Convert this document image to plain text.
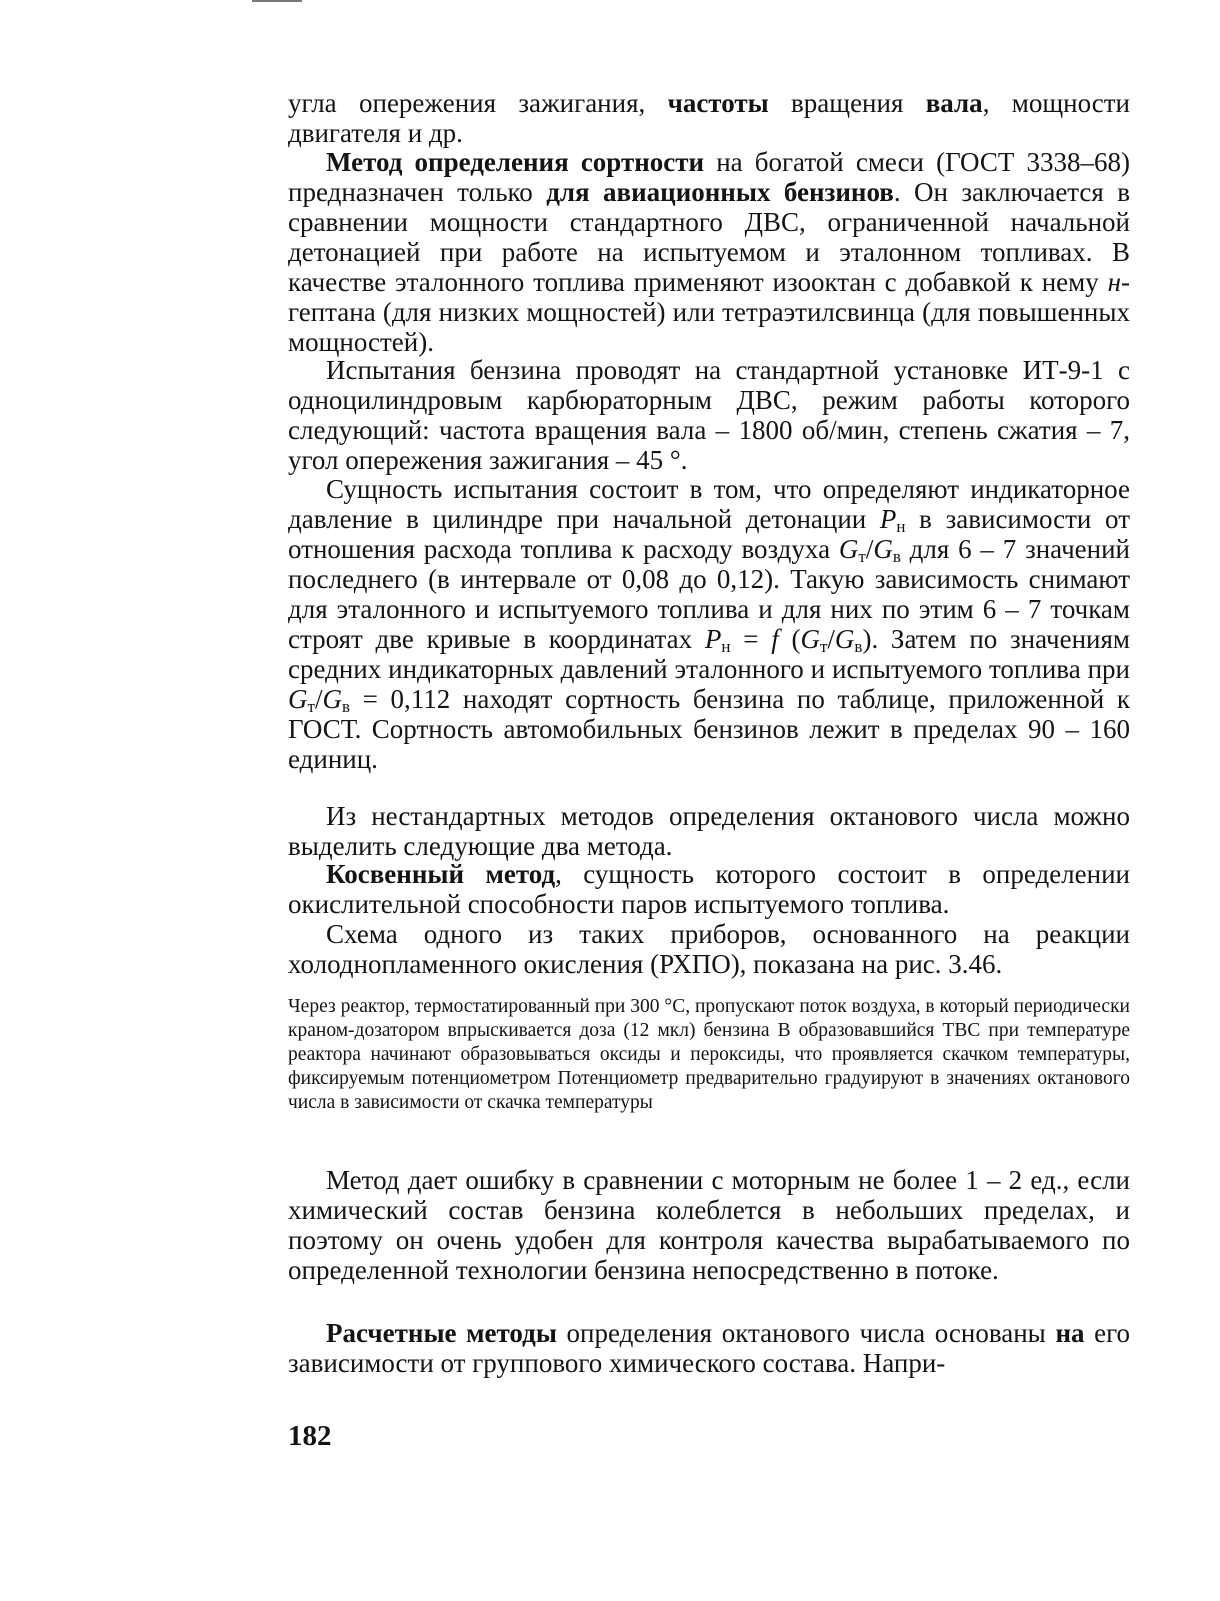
угла опережения зажигания, частоты вращения вала, мощности двигателя и др.

Метод определения сортности на богатой смеси (ГОСТ 3338–68) предназначен только для авиационных бензинов. Он заключается в сравнении мощности стандартного ДВС, ограниченной начальной детонацией при работе на испытуемом и эталонном топливах. В качестве эталонного топлива применяют изооктан с добавкой к нему н-гептана (для низких мощностей) или тетраэтилсвинца (для повышенных мощностей).

Испытания бензина проводят на стандартной установке ИТ-9-1 с одноцилиндровым карбюраторным ДВС, режим работы которого следующий: частота вращения вала – 1800 об/мин, степень сжатия – 7, угол опережения зажигания – 45 °.

Сущность испытания состоит в том, что определяют индикаторное давление в цилиндре при начальной детонации $P_н$ в зависимости от отношения расхода топлива к расходу воздуха $G_т/G_в$ для 6 – 7 значений последнего (в интервале от 0,08 до 0,12). Такую зависимость снимают для эталонного и испытуемого топлива и для них по этим 6 – 7 точкам строят две кривые в координатах $P_н = f$ $(G_т/G_в)$. Затем по значениям средних индикаторных давлений эталонного и испытуемого топлива при $G_т/G_в = 0,112$ находят сортность бензина по таблице, приложенной к ГОСТ. Сортность автомобильных бензинов лежит в пределах 90 – 160 единиц.

Из нестандартных методов определения октанового числа можно выделить следующие два метода.

Косвенный метод, сущность которого состоит в определении окислительной способности паров испытуемого топлива.

Схема одного из таких приборов, основанного на реакции холоднопламенного окисления (РХПО), показана на рис. 3.46.

Через реактор, термостатированный при 300 °С, пропускают поток воздуха, в который периодически краном-дозатором впрыскивается доза (12 мкл) бензина В образовавшийся ТВС при температуре реактора начинают образовываться оксиды и пероксиды, что проявляется скачком температуры, фиксируемым потенциометром Потенциометр предварительно градуируют в значениях октанового числа в зависимости от скачка температуры

Метод дает ошибку в сравнении с моторным не более 1 – 2 ед., если химический состав бензина колеблется в небольших пределах, и поэтому он очень удобен для контроля качества вырабатываемого по определенной технологии бензина непосредственно в потоке.

Расчетные методы определения октанового числа основаны на его зависимости от группового химического состава. Напри-

182
